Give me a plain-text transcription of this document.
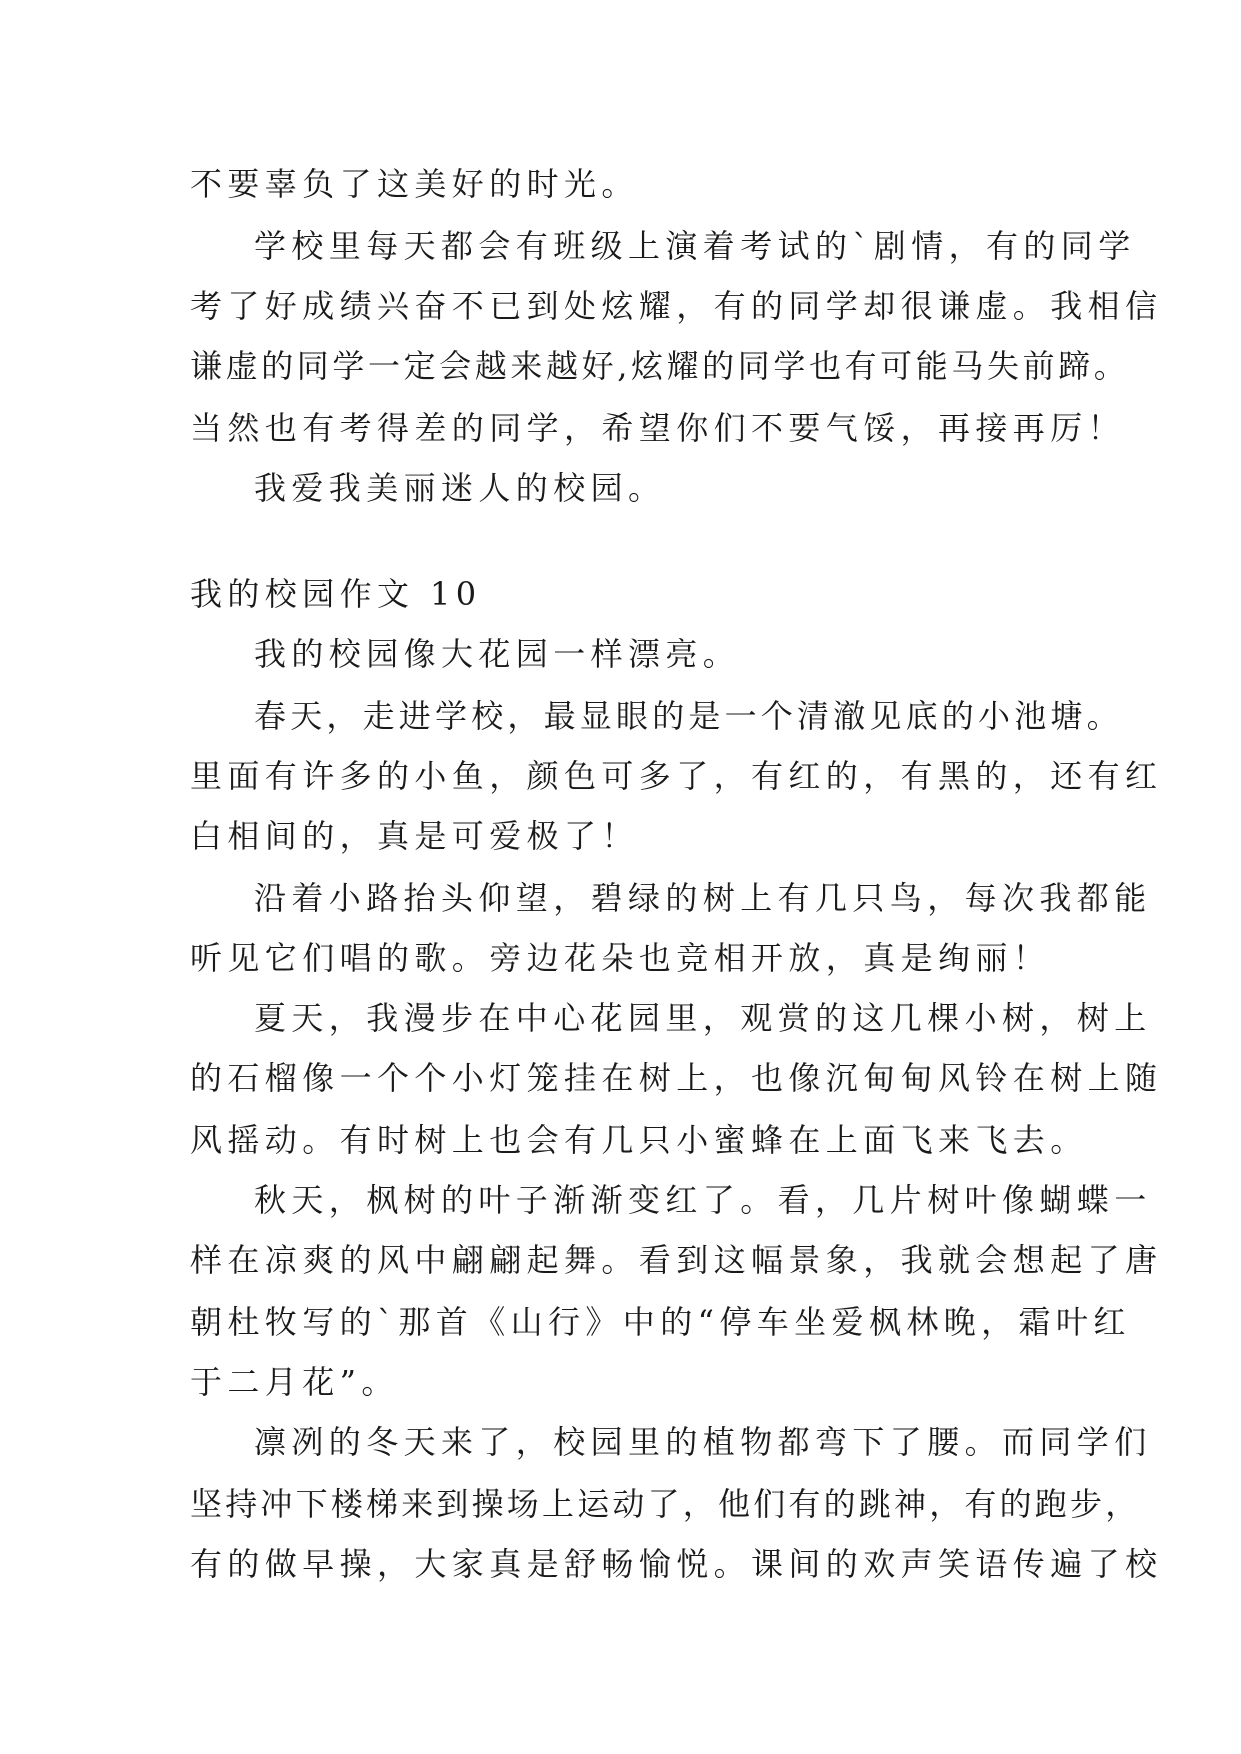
不要辜负了这美好的时光。
学校里每天都会有班级上演着考试的`剧情，有的同学
考了好成绩兴奋不已到处炫耀，有的同学却很谦虚。我相信
谦虚的同学一定会越来越好,炫耀的同学也有可能马失前蹄。
当然也有考得差的同学，希望你们不要气馁，再接再厉！
我爱我美丽迷人的校园。
我的校园作文 10
我的校园像大花园一样漂亮。
春天，走进学校，最显眼的是一个清澈见底的小池塘。
里面有许多的小鱼，颜色可多了，有红的，有黑的，还有红
白相间的，真是可爱极了！
沿着小路抬头仰望，碧绿的树上有几只鸟，每次我都能
听见它们唱的歌。旁边花朵也竞相开放，真是绚丽！
夏天，我漫步在中心花园里，观赏的这几棵小树，树上
的石榴像一个个小灯笼挂在树上，也像沉甸甸风铃在树上随
风摇动。有时树上也会有几只小蜜蜂在上面飞来飞去。
秋天，枫树的叶子渐渐变红了。看，几片树叶像蝴蝶一
样在凉爽的风中翩翩起舞。看到这幅景象，我就会想起了唐
朝杜牧写的`那首《山行》中的“停车坐爱枫林晚，霜叶红
于二月花”。
凛冽的冬天来了，校园里的植物都弯下了腰。而同学们
坚持冲下楼梯来到操场上运动了，他们有的跳神，有的跑步，
有的做早操，大家真是舒畅愉悦。课间的欢声笑语传遍了校
